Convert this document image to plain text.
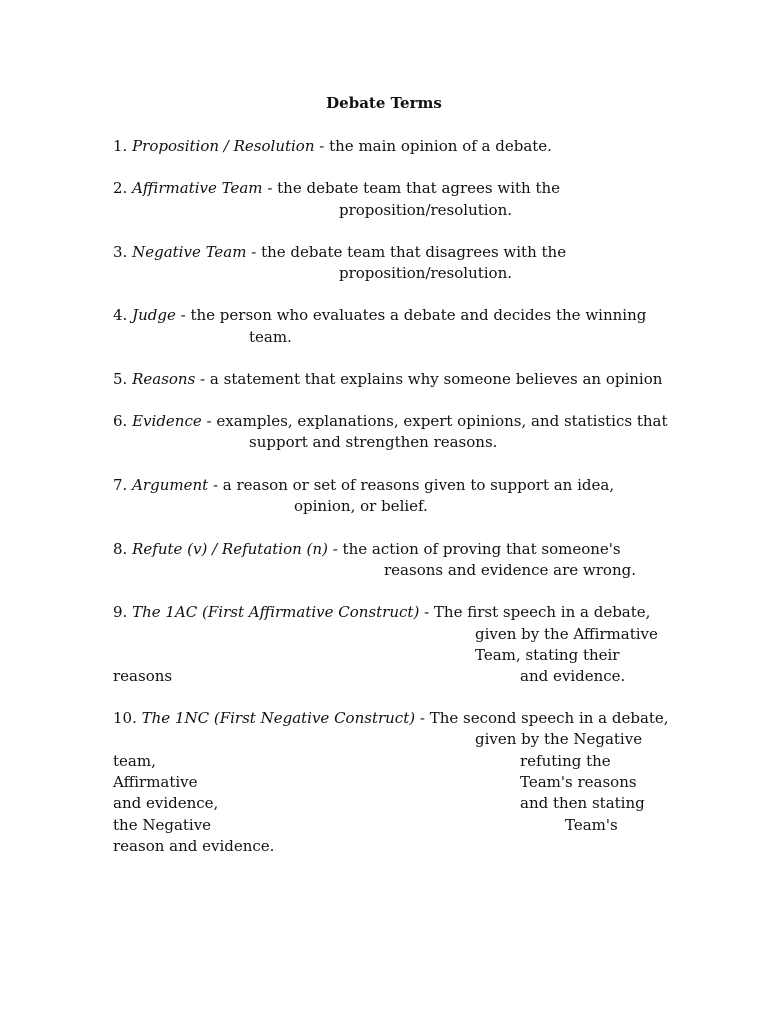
Debate Terms
1. Proposition / Resolution - the main opinion of a debate.
2. Affirmative Team - the debate team that agrees with the
proposition/resolution.
3. Negative Team - the debate team that disagrees with the
proposition/resolution.
4. Judge - the person who evaluates a debate and decides the winning
team.
5. Reasons - a statement that explains why someone believes an opinion
6. Evidence - examples, explanations, expert opinions, and statistics that
support and strengthen reasons.
7. Argument - a reason or set of reasons given to support an idea,
opinion, or belief.
8. Refute (v) / Refutation (n) - the action of proving that someone's
reasons and evidence are wrong.
9. The 1AC (First Affirmative Construct) - The first speech in a debate,
given by the Affirmative
Team, stating their
reasons	and evidence.
10. The 1NC (First Negative Construct) - The second speech in a debate,
given by the Negative
team,	refuting the
Affirmative	Team's reasons
and evidence,	and then stating
the Negative	Team's
reason and evidence.
